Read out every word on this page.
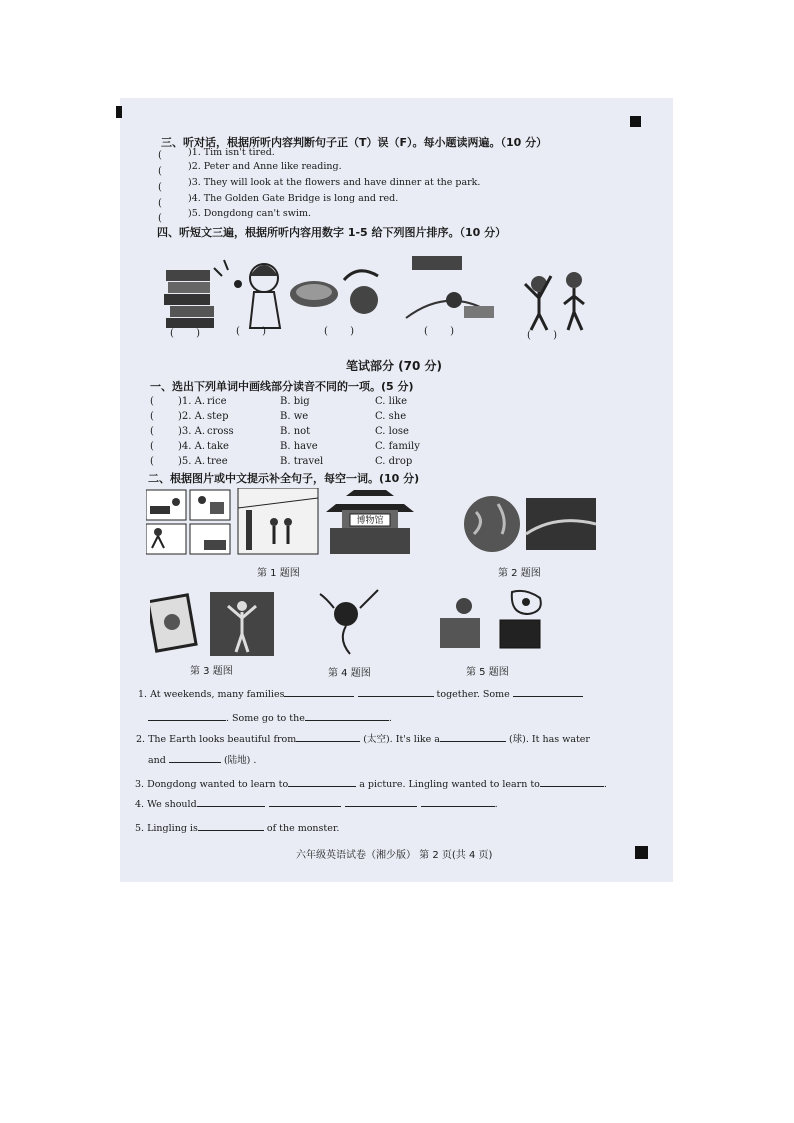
三、听对话，根据所听内容判断句子正（T）误（F）。每小题读两遍。（10 分）
(	)1. Tim isn't tired.
(	)2. Peter and Anne like reading.
(	)3. They will look at the flowers and have dinner at the park.
(	)4. The Golden Gate Bridge is long and red.
(	)5. Dongdong can't swim.
四、听短文三遍，根据所听内容用数字 1-5 给下列图片排序。（10 分）
(       )	(       )	(       )	(       )	(       )
笔试部分 (70 分)
一、选出下列单词中画线部分读音不同的一项。(5 分)
( )1. A. rice	B. big	C. like
( )2. A. step	B. we	C. she
( )3. A. cross	B. not	C. lose
( )4. A. take	B. have	C. family
( )5. A. tree	B. travel	C. drop
二、根据图片或中文提示补全句子，每空一词。(10 分)
博物馆
第 1 题图	第 2 题图
第 3 题图	第 4 题图	第 5 题图
1. At weekends, many families	together. Some
. Some go to the	.
2. The Earth looks beautiful from	(太空). It's like a	(球). It has water
and	(陆地) .
3. Dongdong wanted to learn to	a picture. Lingling wanted to learn to	.
4. We should	.
5. Lingling is	of the monster.
六年级英语试卷（湘少版） 第 2 页(共 4 页)
